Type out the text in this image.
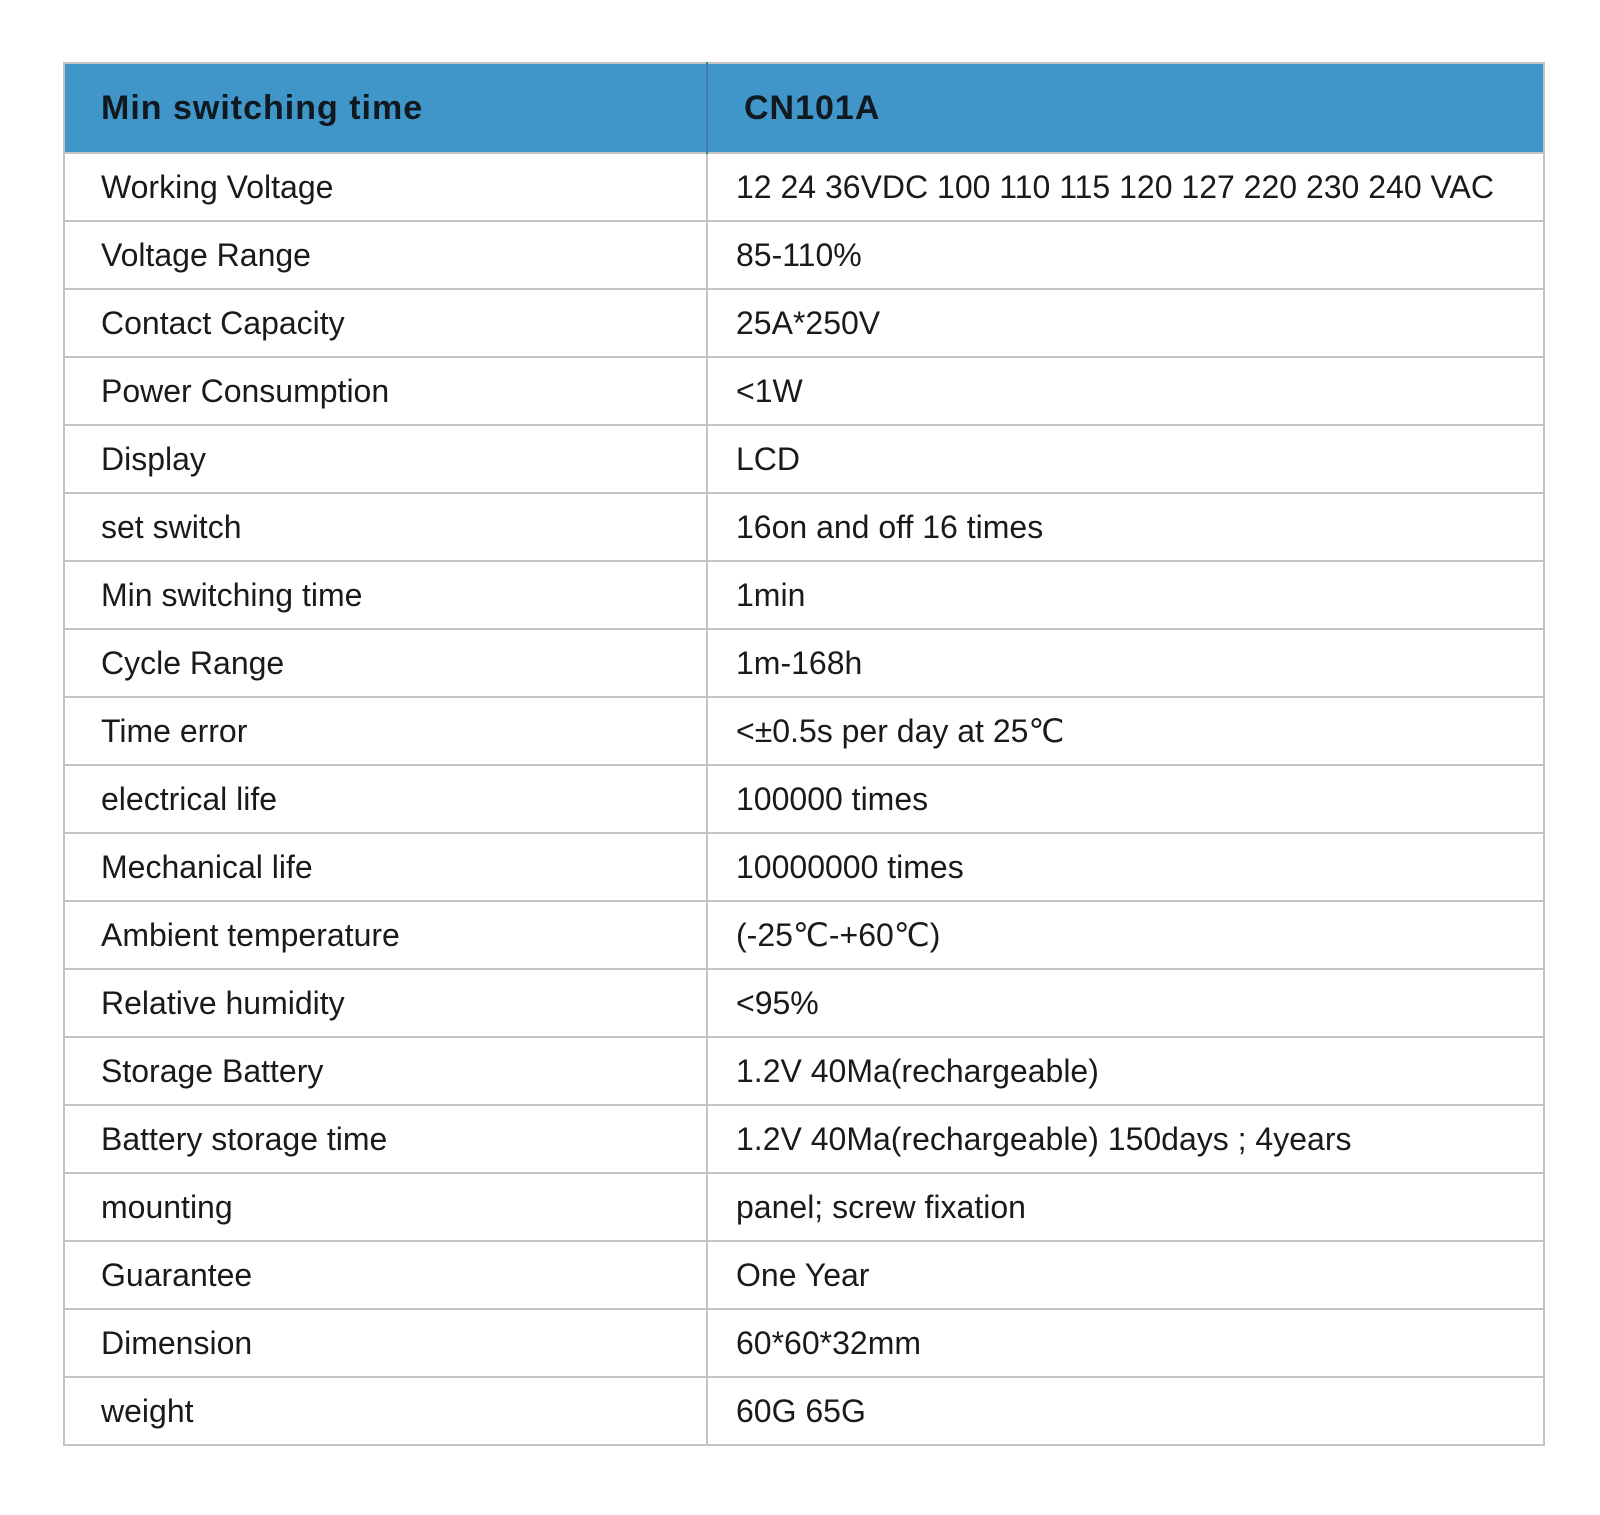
Min switching time	CN101A
Working Voltage	12 24 36VDC 100 110 115 120 127 220 230 240 VAC
Voltage Range	85-110%
Contact Capacity	25A*250V
Power Consumption	<1W
Display	LCD
set switch	16on and off 16 times
Min switching time	1min
Cycle Range	1m-168h
Time error	<±0.5s per day at 25℃
electrical life	100000 times
Mechanical life	10000000 times
Ambient temperature	(-25℃-+60℃)
Relative humidity	<95%
Storage Battery	1.2V 40Ma(rechargeable)
Battery storage time	1.2V 40Ma(rechargeable) 150days ; 4years
mounting	panel; screw fixation
Guarantee	One Year
Dimension	60*60*32mm
weight	60G 65G
